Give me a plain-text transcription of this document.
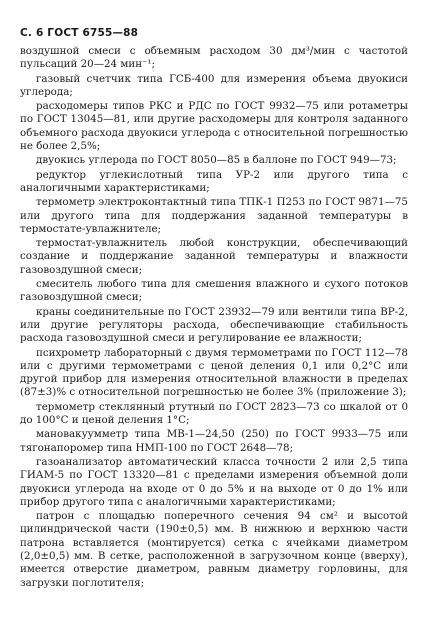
С. 6 ГОСТ 6755—88

воздушной смеси с объемным расходом 30 дм³/мин с частотой пульсаций 20—24 мин⁻¹;

газовый счетчик типа ГСБ-400 для измерения объема двуокиси углерода;

расходомеры типов РКС и РДС по ГОСТ 9932—75 или ротаметры по ГОСТ 13045—81, или другие расходомеры для контроля заданного объемного расхода двуокиси углерода с относительной погрешностью не более 2,5%;

двуокись углерода по ГОСТ 8050—85 в баллоне по ГОСТ 949—73;

редуктор углекислотный типа УР-2 или другого типа с аналогичными характеристиками;

термометр электроконтактный типа ТПК-1 П253 по ГОСТ 9871—75 или другого типа для поддержания заданной температуры в термостате-увлажнителе;

термостат-увлажнитель любой конструкции, обеспечивающий создание и поддержание заданной температуры и влажности газовоздушной смеси;

смеситель любого типа для смешения влажного и сухого потоков газовоздушной смеси;

краны соединительные по ГОСТ 23932—79 или вентили типа ВР-2, или другие регуляторы расхода, обеспечивающие стабильность расхода газовоздушной смеси и регулирование ее влажности;

психрометр лабораторный с двумя термометрами по ГОСТ 112—78 или с другими термометрами с ценой деления 0,1 или 0,2°С или другой прибор для измерения относительной влажности в пределах (87±3)% с относительной погрешностью не более 3% (приложение 3);

термометр стеклянный ртутный по ГОСТ 2823—73 со шкалой от 0 до 100°С и ценой деления 1°С;

мановакуумметр типа МВ-1—24,50 (250) по ГОСТ 9933—75 или тягонапоромер типа НМП-100 по ГОСТ 2648—78;

газоанализатор автоматический класса точности 2 или 2,5 типа ГИАМ-5 по ГОСТ 13320—81 с пределами измерения объемной доли двуокиси углерода на входе от 0 до 5% и на выходе от 0 до 1% или прибор другого типа с аналогичными характеристиками;

патрон с площадью поперечного сечения 94 см² и высотой цилиндрической части (190±0,5) мм. В нижнюю и верхнюю части патрона вставляется (монтируется) сетка с ячейками диаметром (2,0±0,5) мм. В сетке, расположенной в загрузочном конце (вверху), имеется отверстие диаметром, равным диаметру горловины, для загрузки поглотителя;
